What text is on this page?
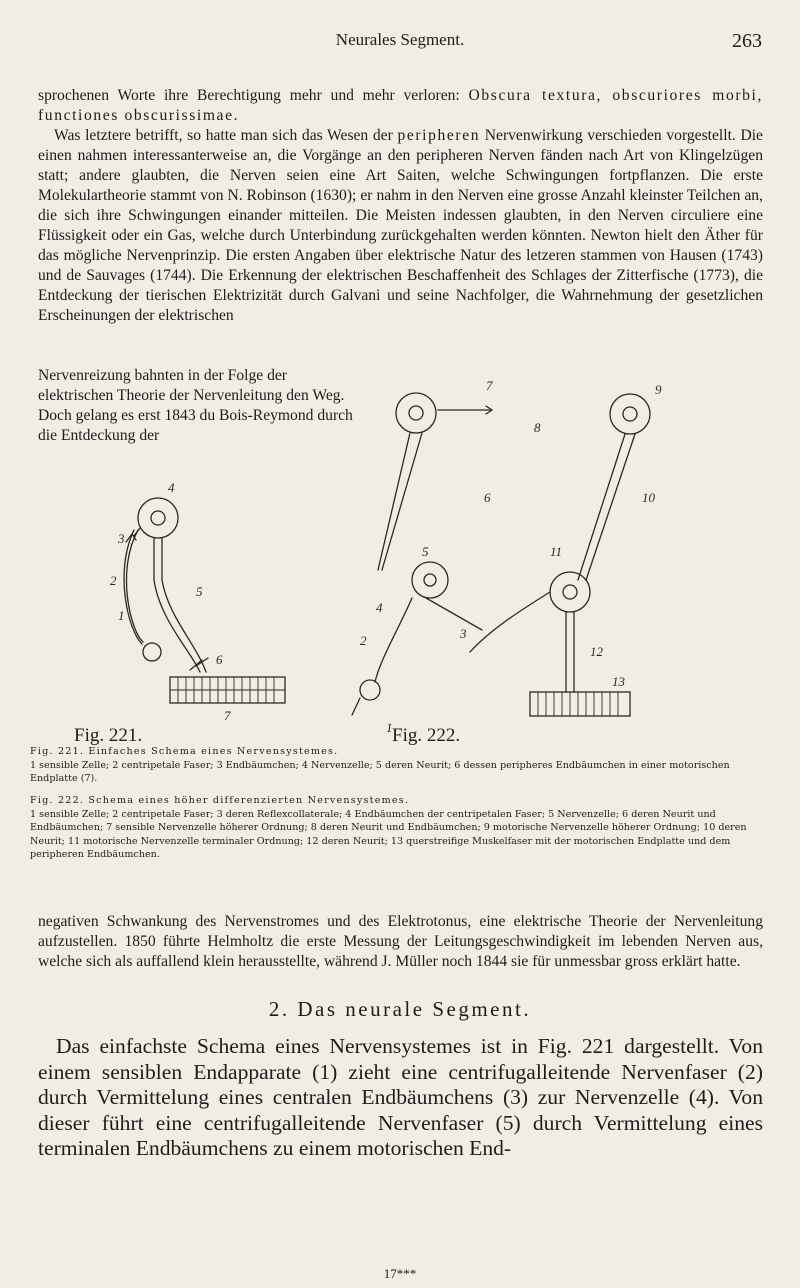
Neurales Segment.	263

sprochenen Worte ihre Berechtigung mehr und mehr verloren: Obscura textura, obscuriores morbi, functiones obscurissimae.

Was letztere betrifft, so hatte man sich das Wesen der peripheren Nervenwirkung verschieden vorgestellt. Die einen nahmen interessanterweise an, die Vorgänge an den peripheren Nerven fänden nach Art von Klingelzügen statt; andere glaubten, die Nerven seien eine Art Saiten, welche Schwingungen fortpflanzen. Die erste Molekulartheorie stammt von N. Robinson (1630); er nahm in den Nerven eine grosse Anzahl kleinster Teilchen an, die sich ihre Schwingungen einander mitteilen. Die Meisten indessen glaubten, in den Nerven circuliere eine Flüssigkeit oder ein Gas, welche durch Unterbindung zurückgehalten werden könnten. Newton hielt den Äther für das mögliche Nervenprinzip. Die ersten Angaben über elektrische Natur des letzeren stammen von Hausen (1743) und de Sauvages (1744). Die Erkennung der elektrischen Beschaffenheit des Schlages der Zitterfische (1773), die Entdeckung der tierischen Elektrizität durch Galvani und seine Nachfolger, die Wahrnehmung der gesetzlichen Erscheinungen der elektrischen

Nervenreizung bahnten in der Folge der elektrischen Theorie der Nervenleitung den Weg. Doch gelang es erst 1843 du Bois-Reymond durch die Entdeckung der

1
2
3
4
5
6
7
1
2	3
4
5
6
7
8
9
10
11
12
13
Fig. 221.	Fig. 222.

Fig. 221. Einfaches Schema eines Nervensystemes.
1 sensible Zelle; 2 centripetale Faser; 3 Endbäumchen; 4 Nervenzelle; 5 deren Neurit; 6 dessen peripheres Endbäumchen in einer motorischen Endplatte (7).

Fig. 222. Schema eines höher differenzierten Nervensystemes.
1 sensible Zelle; 2 centripetale Faser; 3 deren Reflexcollaterale; 4 Endbäumchen der centripetalen Faser; 5 Nervenzelle; 6 deren Neurit und Endbäumchen; 7 sensible Nervenzelle höherer Ordnung; 8 deren Neurit und Endbäumchen; 9 motorische Nervenzelle höherer Ordnung; 10 deren Neurit; 11 motorische Nervenzelle terminaler Ordnung; 12 deren Neurit; 13 querstreifige Muskelfaser mit der motorischen Endplatte und dem peripheren Endbäumchen.

negativen Schwankung des Nervenstromes und des Elektrotonus, eine elektrische Theorie der Nervenleitung aufzustellen. 1850 führte Helmholtz die erste Messung der Leitungsgeschwindigkeit im lebenden Nerven aus, welche sich als auffallend klein herausstellte, während J. Müller noch 1844 sie für unmessbar gross erklärt hatte.

2. Das neurale Segment.

Das einfachste Schema eines Nervensystemes ist in Fig. 221 dargestellt. Von einem sensiblen Endapparate (1) zieht eine centrifugalleitende Nervenfaser (2) durch Vermittelung eines centralen Endbäumchens (3) zur Nervenzelle (4). Von dieser führt eine centrifugalleitende Nervenfaser (5) durch Vermittelung eines terminalen Endbäumchens zu einem motorischen End-

17***
